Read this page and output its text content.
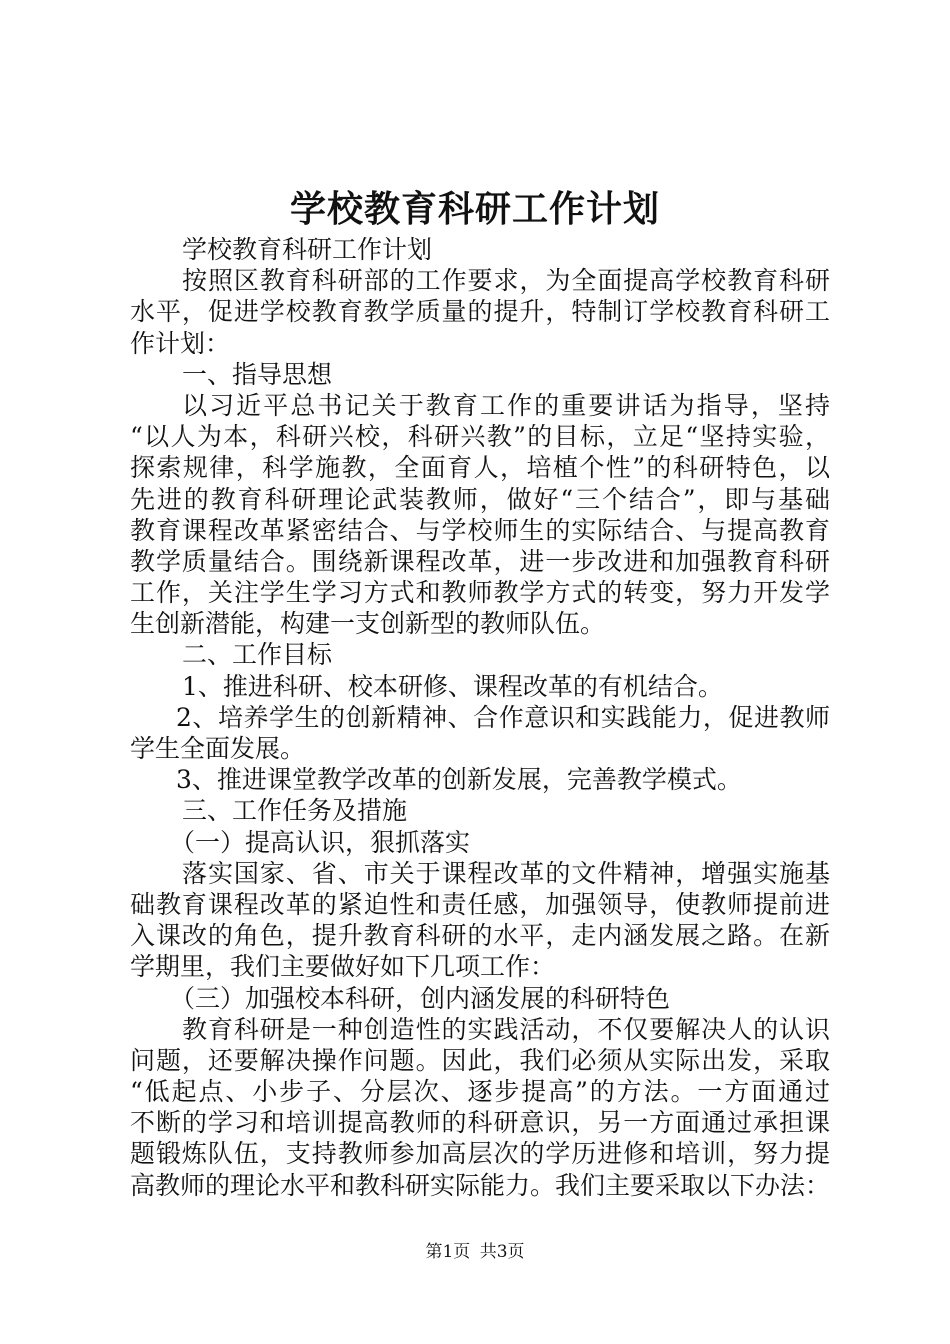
学校教育科研工作计划
学校教育科研工作计划
按照区教育科研部的工作要求，为全面提高学校教育科研
水平，促进学校教育教学质量的提升，特制订学校教育科研工
作计划：
一、指导思想
以习近平总书记关于教育工作的重要讲话为指导，坚持
“以人为本，科研兴校，科研兴教”的目标，立足“坚持实验，
探索规律，科学施教，全面育人，培植个性”的科研特色，以
先进的教育科研理论武装教师，做好“三个结合”，即与基础
教育课程改革紧密结合、与学校师生的实际结合、与提高教育
教学质量结合。围绕新课程改革，进一步改进和加强教育科研
工作，关注学生学习方式和教师教学方式的转变，努力开发学
生创新潜能，构建一支创新型的教师队伍。
二、工作目标
1、推进科研、校本研修、课程改革的有机结合。
2、培养学生的创新精神、合作意识和实践能力，促进教师
学生全面发展。
3、推进课堂教学改革的创新发展，完善教学模式。
三、工作任务及措施
（一）提高认识，狠抓落实
落实国家、省、市关于课程改革的文件精神，增强实施基
础教育课程改革的紧迫性和责任感，加强领导，使教师提前进
入课改的角色，提升教育科研的水平，走内涵发展之路。在新
学期里，我们主要做好如下几项工作：
（三）加强校本科研，创内涵发展的科研特色
教育科研是一种创造性的实践活动，不仅要解决人的认识
问题，还要解决操作问题。因此，我们必须从实际出发，采取
“低起点、小步子、分层次、逐步提高”的方法。一方面通过
不断的学习和培训提高教师的科研意识，另一方面通过承担课
题锻炼队伍，支持教师参加高层次的学历进修和培训，努力提
高教师的理论水平和教科研实际能力。我们主要采取以下办法：
第1页 共3页
